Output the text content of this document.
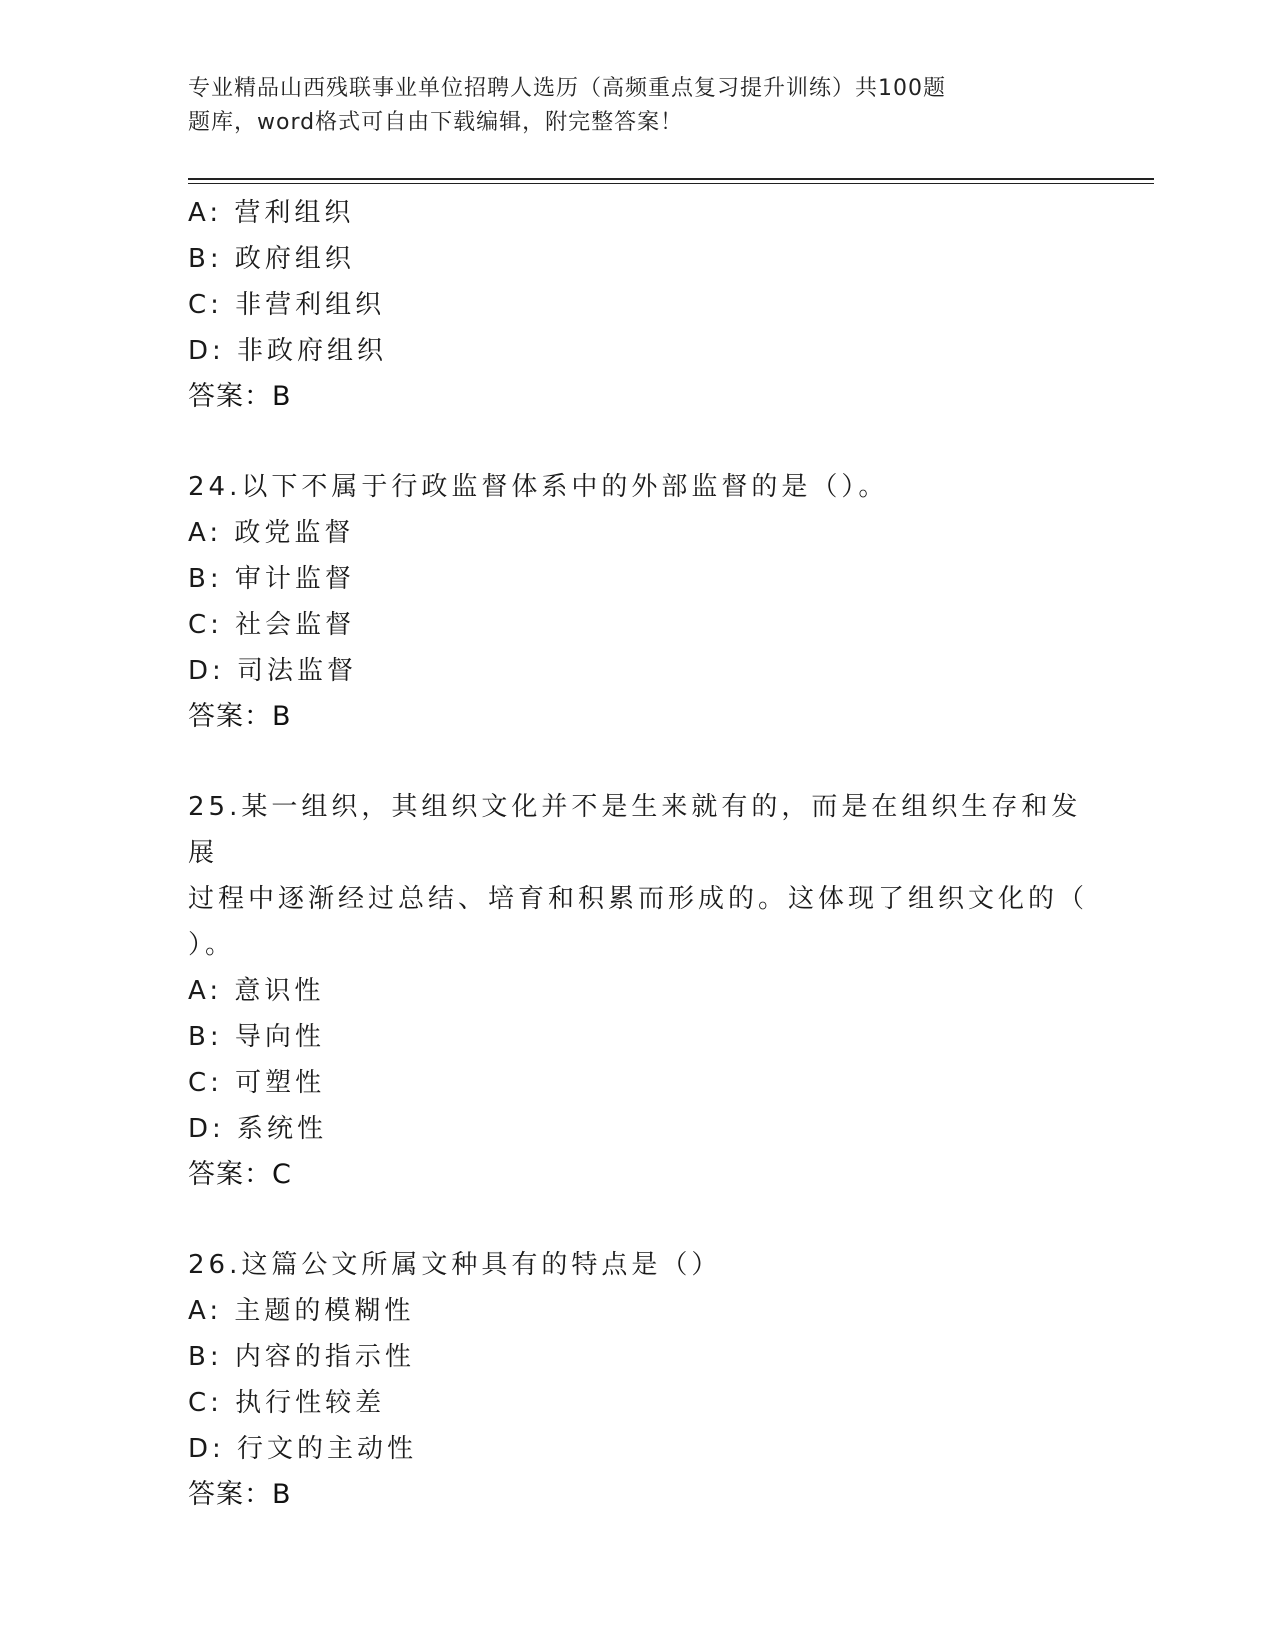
专业精品山西残联事业单位招聘人选历（高频重点复习提升训练）共100题
题库，word格式可自由下载编辑，附完整答案！
A: 营利组织
B: 政府组织
C: 非营利组织
D: 非政府组织
答案：B
24.以下不属于行政监督体系中的外部监督的是（）。
A: 政党监督
B: 审计监督
C: 社会监督
D: 司法监督
答案：B
25.某一组织，其组织文化并不是生来就有的，而是在组织生存和发展
过程中逐渐经过总结、培育和积累而形成的。这体现了组织文化的（
）。
A: 意识性
B: 导向性
C: 可塑性
D: 系统性
答案：C
26.这篇公文所属文种具有的特点是（）
A: 主题的模糊性
B: 内容的指示性
C: 执行性较差
D: 行文的主动性
答案：B
